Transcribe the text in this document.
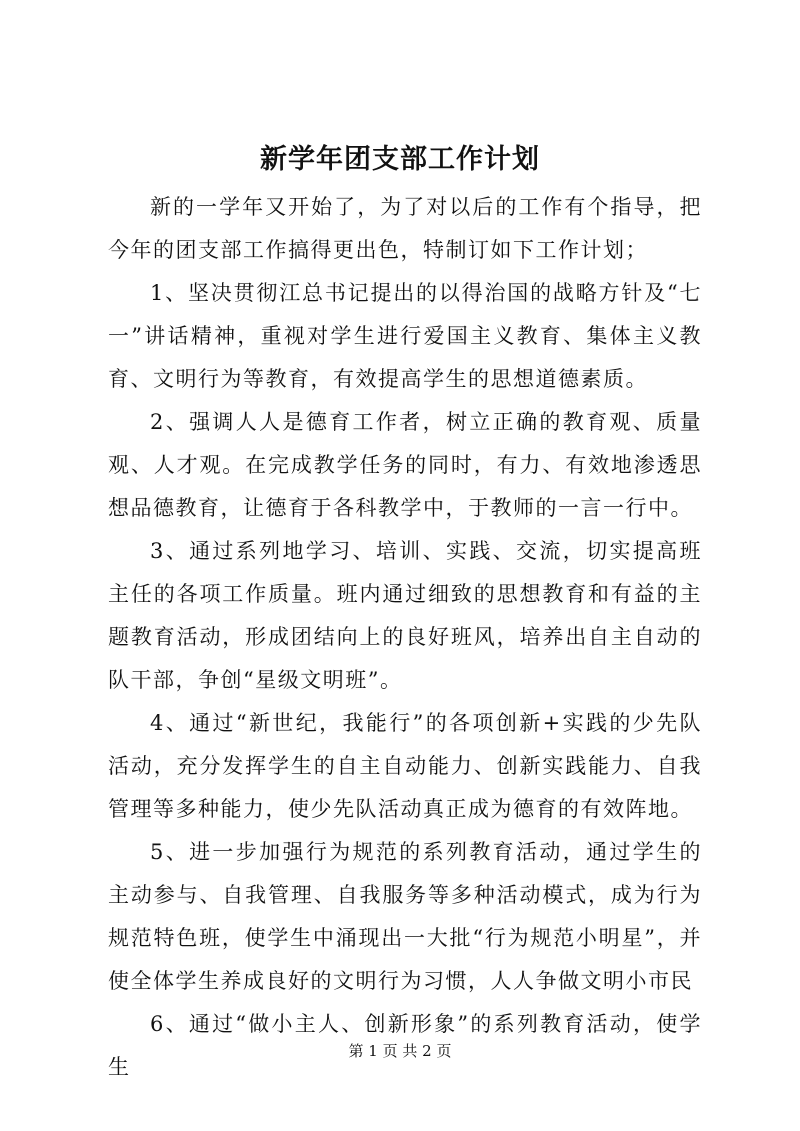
新学年团支部工作计划

新的一学年又开始了，为了对以后的工作有个指导，把今年的团支部工作搞得更出色，特制订如下工作计划；

1、坚决贯彻江总书记提出的以得治国的战略方针及“七一”讲话精神，重视对学生进行爱国主义教育、集体主义教育、文明行为等教育，有效提高学生的思想道德素质。

2、强调人人是德育工作者，树立正确的教育观、质量观、人才观。在完成教学任务的同时，有力、有效地渗透思想品德教育，让德育于各科教学中，于教师的一言一行中。

3、通过系列地学习、培训、实践、交流，切实提高班主任的各项工作质量。班内通过细致的思想教育和有益的主题教育活动，形成团结向上的良好班风，培养出自主自动的队干部，争创“星级文明班”。

4、通过“新世纪，我能行”的各项创新+实践的少先队活动，充分发挥学生的自主自动能力、创新实践能力、自我管理等多种能力，使少先队活动真正成为德育的有效阵地。

5、进一步加强行为规范的系列教育活动，通过学生的主动参与、自我管理、自我服务等多种活动模式，成为行为规范特色班，使学生中涌现出一大批“行为规范小明星”，并使全体学生养成良好的文明行为习惯，人人争做文明小市民

6、通过“做小主人、创新形象”的系列教育活动，使学生

第 1 页 共 2 页
